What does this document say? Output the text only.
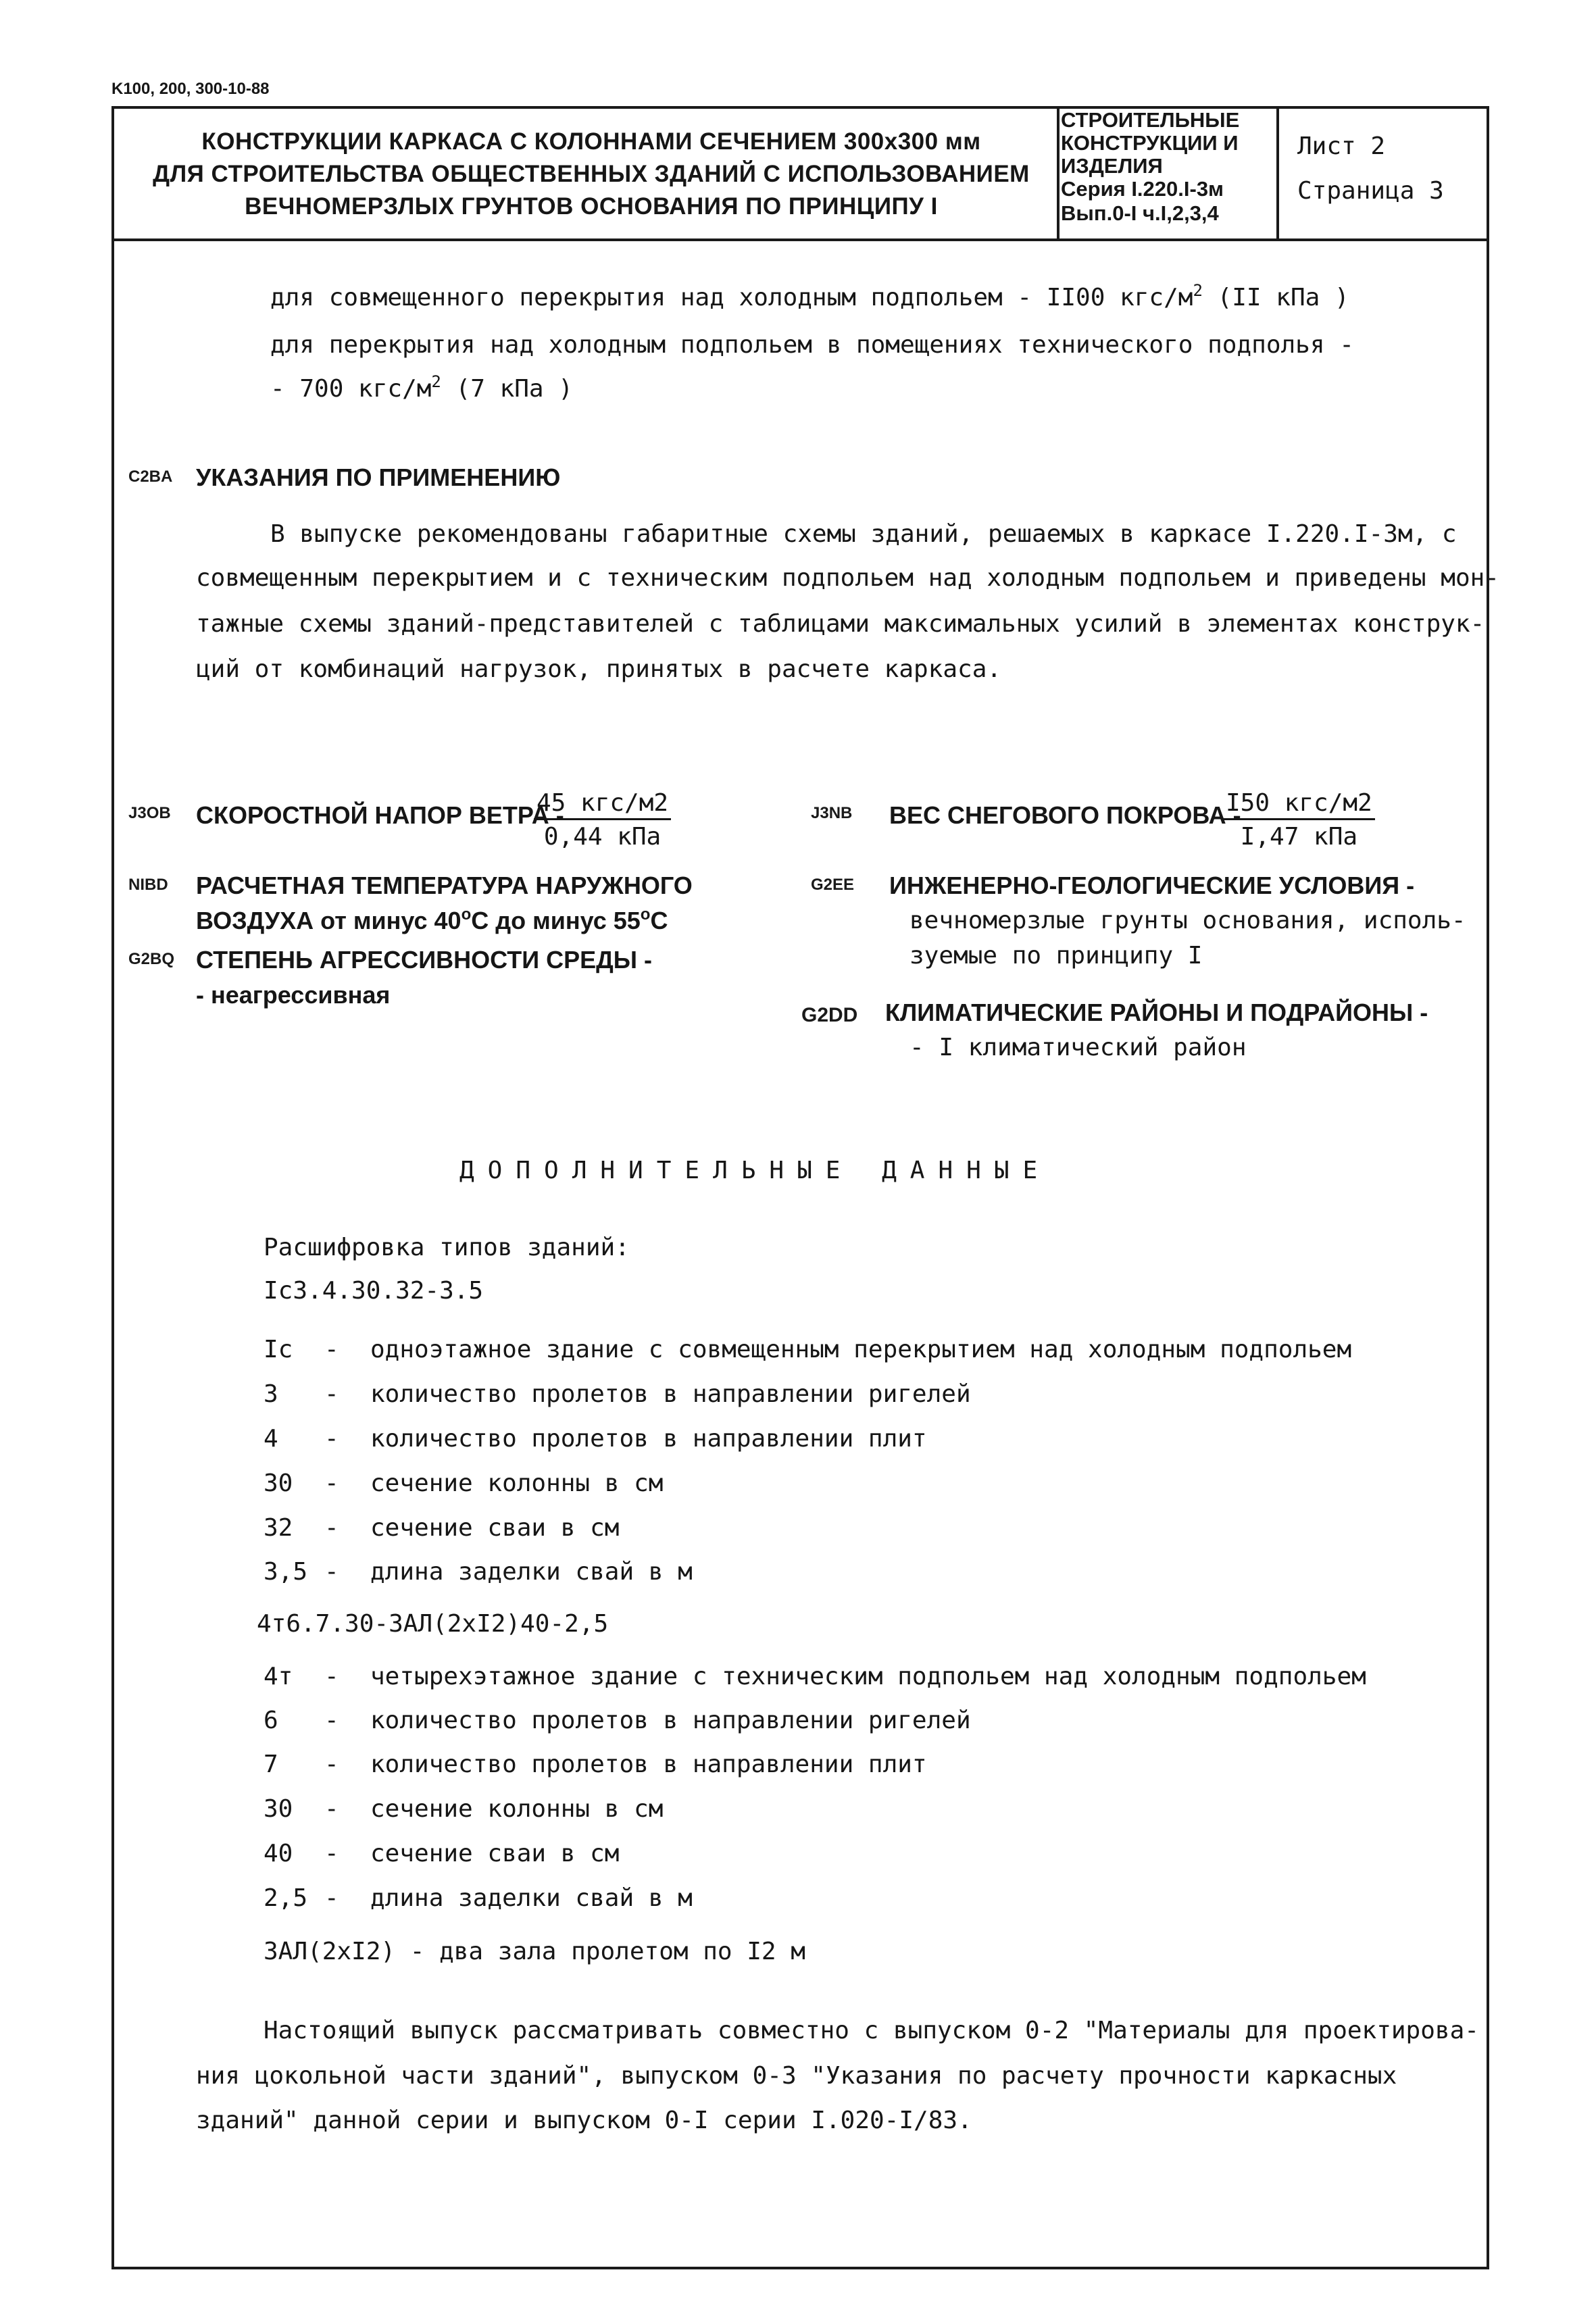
K100, 200, 300-10-88
КОНСТРУКЦИИ КАРКАСА С КОЛОННАМИ СЕЧЕНИЕМ 300х300 мм
ДЛЯ СТРОИТЕЛЬСТВА ОБЩЕСТВЕННЫХ ЗДАНИЙ С ИСПОЛЬЗОВАНИЕМ
ВЕЧНОМЕРЗЛЫХ ГРУНТОВ ОСНОВАНИЯ ПО ПРИНЦИПУ I
СТРОИТЕЛЬНЫЕ
КОНСТРУКЦИИ И
ИЗДЕЛИЯ
Серия I.220.I-3м
Вып.0-I ч.I,2,3,4
Лист 2
Страница 3
для совмещенного перекрытия над холодным подпольем - II00 кгс/$м^2$ (II кПа )
для перекрытия над холодным подпольем в помещениях технического подполья -
- 700 кгс/$м^2$ (7 кПа )
C2BA УКАЗАНИЯ ПО ПРИМЕНЕНИЮ
В выпуске рекомендованы габаритные схемы зданий, решаемых в каркасе I.220.I-3м, с
совмещенным перекрытием и с техническим подпольем над холодным подпольем и приведены мон-
тажные схемы зданий-представителей с таблицами максимальных усилий в элементах конструк-
ций от комбинаций нагрузок, принятых в расчете каркаса.
J3OB СКОРОСТНОЙ НАПОР ВЕТРА -
45 кгс/м2
0,44 кПа
NIBD РАСЧЕТНАЯ ТЕМПЕРАТУРА НАРУЖНОГО
ВОЗДУХА от минус $40^оС$ до минус $55^оС$
G2BQ СТЕПЕНЬ АГРЕССИВНОСТИ СРЕДЫ -
- неагрессивная
J3NB ВЕС СНЕГОВОГО ПОКРОВА -
I50 кгс/м2
I,47 кПа
G2EE ИНЖЕНЕРНО-ГЕОЛОГИЧЕСКИЕ УСЛОВИЯ -
вечномерзлые грунты основания, исполь-
зуемые по принципу I
G2DD КЛИМАТИЧЕСКИЕ РАЙОНЫ И ПОДРАЙОНЫ -
- I климатический район
ДОПОЛНИТЕЛЬНЫЕ ДАННЫЕ
Расшифровка типов зданий:
Iс3.4.30.32-3.5
Iс - одноэтажное здание с совмещенным перекрытием над холодным подпольем
3 - количество пролетов в направлении ригелей
4 - количество пролетов в направлении плит
30 - сечение колонны в см
32 - сечение сваи в см
3,5 - длина заделки свай в м
4т6.7.30-ЗАЛ(2хI2)40-2,5
4т - четырехэтажное здание с техническим подпольем над холодным подпольем
6 - количество пролетов в направлении ригелей
7 - количество пролетов в направлении плит
30 - сечение колонны в см
40 - сечение сваи в см
2,5 - длина заделки свай в м
ЗАЛ(2хI2) - два зала пролетом по I2 м
Настоящий выпуск рассматривать совместно с выпуском 0-2 "Материалы для проектирова-
ния цокольной части зданий", выпуском 0-3 "Указания по расчету прочности каркасных
зданий" данной серии и выпуском 0-I серии I.020-I/83.
